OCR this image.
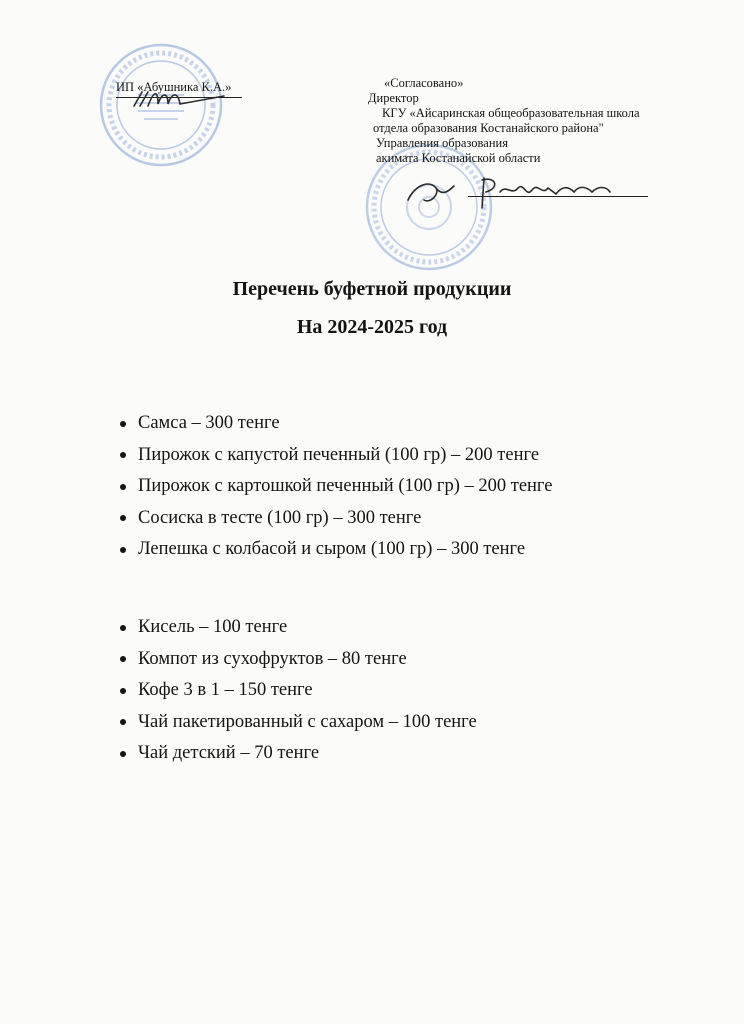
ИП «Абушника К.А.»	«Согласовано»
Директор
КГУ «Айсаринская общеобразовательная школа
отдела образования Костанайского района"
Управления образования
акимата Костанайской области
Перечень буфетной продукции
На 2024-2025 год
Самса – 300 тенге
Пирожок с капустой печенный (100 гр) – 200 тенге
Пирожок с картошкой печенный (100 гр) – 200 тенге
Сосиска в тесте (100 гр) – 300 тенге
Лепешка с колбасой и сыром (100 гр) – 300 тенге
Кисель – 100 тенге
Компот из сухофруктов – 80 тенге
Кофе 3 в 1 – 150 тенге
Чай пакетированный с сахаром – 100 тенге
Чай детский – 70 тенге
